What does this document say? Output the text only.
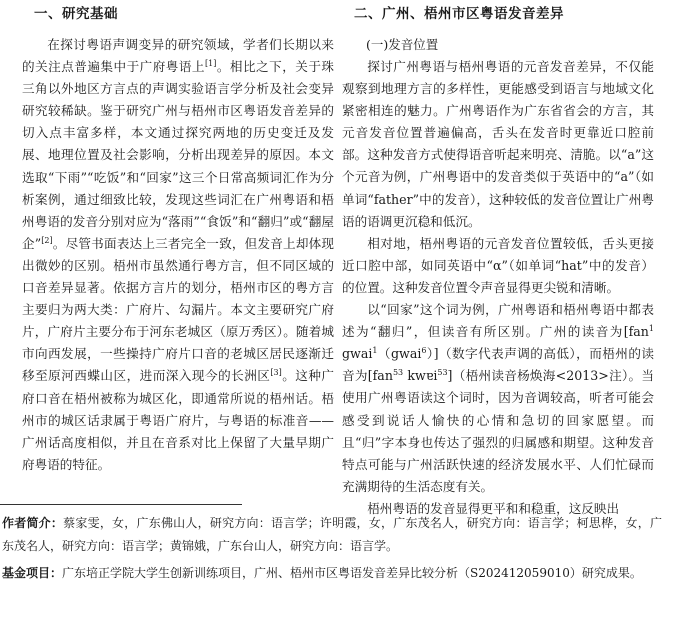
一、研究基础

在探讨粤语声调变异的研究领域，学者们长期以来的关注点普遍集中于广府粤语上[1]。相比之下，关于珠三角以外地区方言点的声调实验语言学分析及社会变异研究较稀缺。鉴于研究广州与梧州市区粤语发音差异的切入点丰富多样，本文通过探究两地的历史变迁及发展、地理位置及社会影响，分析出现差异的原因。本文选取“下雨”“吃饭”和“回家”这三个日常高频词汇作为分析案例，通过细致比较，发现这些词汇在广州粤语和梧州粤语的发音分别对应为“落雨”“食饭”和“翻归”或“翻屋企”[2]。尽管书面表达上三者完全一致，但发音上却体现出微妙的区别。梧州市虽然通行粤方言，但不同区域的口音差异显著。依据方言片的划分，梧州市区的粤方言主要归为两大类：广府片、勾漏片。本文主要研究广府片，广府片主要分布于河东老城区（原万秀区）。随着城市向西发展，一些操持广府片口音的老城区居民逐渐迁移至原河西蝶山区，进而深入现今的长洲区[3]。这种广府口音在梧州被称为城区化，即通常所说的梧州话。梧州市的城区话隶属于粤语广府片，与粤语的标准音——广州话高度相似，并且在音系对比上保留了大量早期广府粤语的特征。

二、广州、梧州市区粤语发音差异
(一)发音位置

探讨广州粤语与梧州粤语的元音发音差异，不仅能观察到地理方言的多样性，更能感受到语言与地域文化紧密相连的魅力。广州粤语作为广东省省会的方言，其元音发音位置普遍偏高，舌头在发音时更靠近口腔前部。这种发音方式使得语音听起来明亮、清脆。以“a”这个元音为例，广州粤语中的发音类似于英语中的“a”（如单词“father”中的发音），这种较低的发音位置让广州粤语的语调更沉稳和低沉。

相对地，梧州粤语的元音发音位置较低，舌头更接近口腔中部，如同英语中“α”（如单词“hat”中的发音）的位置。这种发音位置令声音显得更尖锐和清晰。

以“回家”这个词为例，广州粤语和梧州粤语中都表述为“翻归”，但读音有所区别。广州的读音为[fan$^1$ gwai$^1$（gwai$^6$）]（数字代表声调的高低），而梧州的读音为[fan$^{53}$ kwɐi$^{53}$]（梧州读音杨焕海<2013>注）。当使用广州粤语读这个词时，因为音调较高，听者可能会感受到说话人愉快的心情和急切的回家愿望。而且“归”字本身也传达了强烈的归属感和期望。这种发音特点可能与广州活跃快速的经济发展水平、人们忙碌而充满期待的生活态度有关。

梧州粤语的发音显得更平和和稳重，这反映出

作者简介：蔡家雯，女，广东佛山人，研究方向：语言学；许明霞，女，广东茂名人，研究方向：语言学；柯思桦，女，广东茂名人，研究方向：语言学；黄锦娥，广东台山人，研究方向：语言学。
基金项目：广东培正学院大学生创新训练项目，广州、梧州市区粤语发音差异比较分析（S202412059010）研究成果。
